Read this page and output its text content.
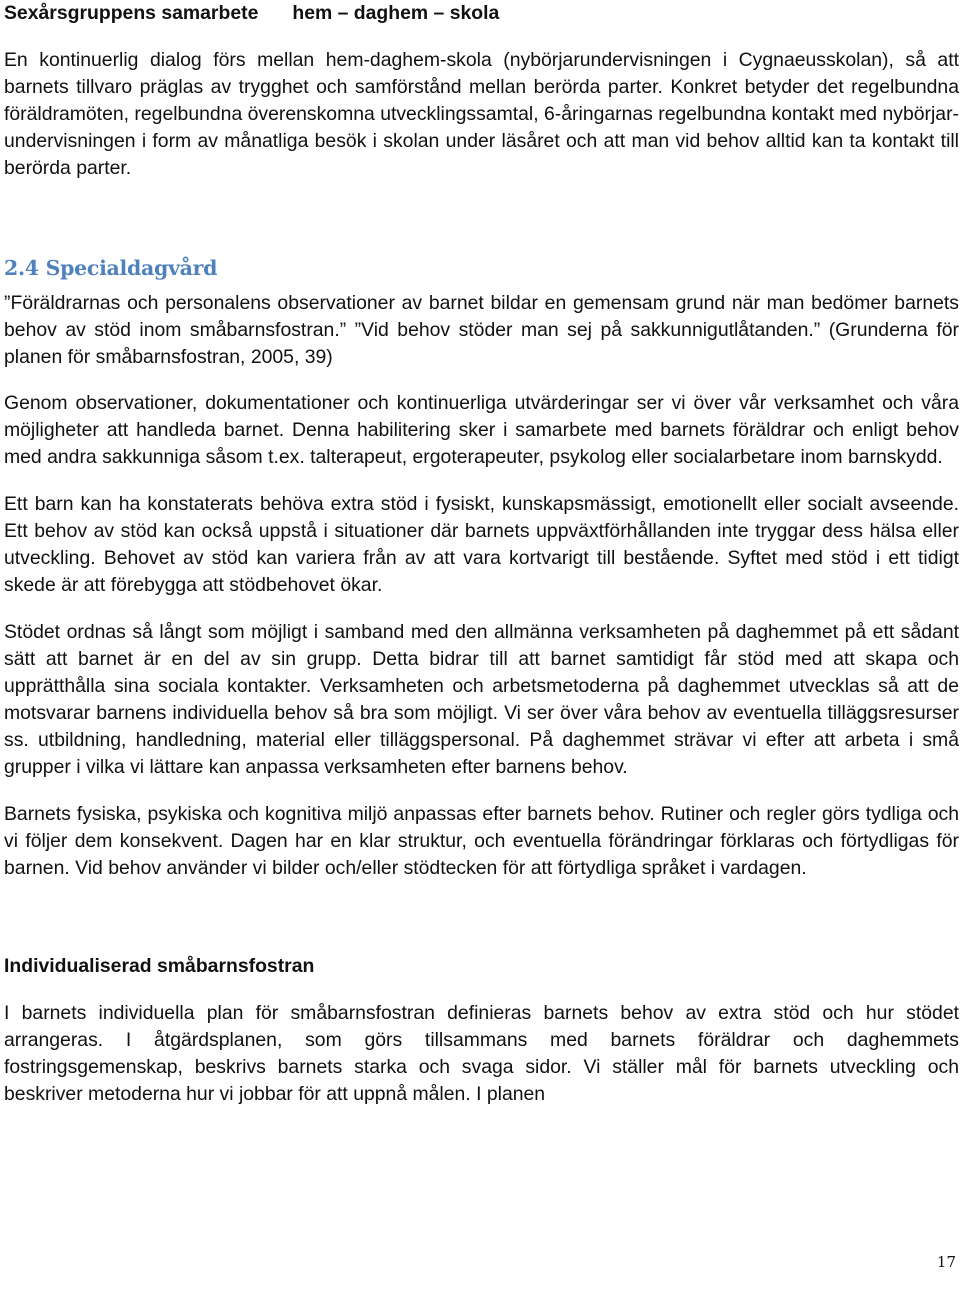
Sexårsgruppens samarbete hem – daghem – skola

En kontinuerlig dialog förs mellan hem-daghem-skola (nybörjarundervisningen i Cygnaeusskolan), så att barnets tillvaro präglas av trygghet och samförstånd mellan berörda parter. Konkret betyder det regelbundna föräldramöten, regelbundna överenskomna utvecklingssamtal, 6-åringarnas regelbundna kontakt med nybörjar-undervisningen i form av månatliga besök i skolan under läsåret och att man vid behov alltid kan ta kontakt till berörda parter.

2.4 Specialdagvård

”Föräldrarnas och personalens observationer av barnet bildar en gemensam grund när man bedömer barnets behov av stöd inom småbarnsfostran.” ”Vid behov stöder man sej på sakkunnigutlåtanden.” (Grunderna för planen för småbarnsfostran, 2005, 39)

Genom observationer, dokumentationer och kontinuerliga utvärderingar ser vi över vår verksamhet och våra möjligheter att handleda barnet. Denna habilitering sker i samarbete med barnets föräldrar och enligt behov med andra sakkunniga såsom t.ex. talterapeut, ergoterapeuter, psykolog eller socialarbetare inom barnskydd.

Ett barn kan ha konstaterats behöva extra stöd i fysiskt, kunskapsmässigt, emotionellt eller socialt avseende. Ett behov av stöd kan också uppstå i situationer där barnets uppväxtförhållanden inte tryggar dess hälsa eller utveckling. Behovet av stöd kan variera från av att vara kortvarigt till bestående. Syftet med stöd i ett tidigt skede är att förebygga att stödbehovet ökar.

Stödet ordnas så långt som möjligt i samband med den allmänna verksamheten på daghemmet på ett sådant sätt att barnet är en del av sin grupp. Detta bidrar till att barnet samtidigt får stöd med att skapa och upprätthålla sina sociala kontakter. Verksamheten och arbetsmetoderna på daghemmet utvecklas så att de motsvarar barnens individuella behov så bra som möjligt. Vi ser över våra behov av eventuella tilläggsresurser ss. utbildning, handledning, material eller tilläggspersonal. På daghemmet strävar vi efter att arbeta i små grupper i vilka vi lättare kan anpassa verksamheten efter barnens behov.

Barnets fysiska, psykiska och kognitiva miljö anpassas efter barnets behov. Rutiner och regler görs tydliga och vi följer dem konsekvent. Dagen har en klar struktur, och eventuella förändringar förklaras och förtydligas för barnen. Vid behov använder vi bilder och/eller stödtecken för att förtydliga språket i vardagen.

Individualiserad småbarnsfostran

I barnets individuella plan för småbarnsfostran definieras barnets behov av extra stöd och hur stödet arrangeras. I åtgärdsplanen, som görs tillsammans med barnets föräldrar och daghemmets fostringsgemenskap, beskrivs barnets starka och svaga sidor. Vi ställer mål för barnets utveckling och beskriver metoderna hur vi jobbar för att uppnå målen. I planen

17
